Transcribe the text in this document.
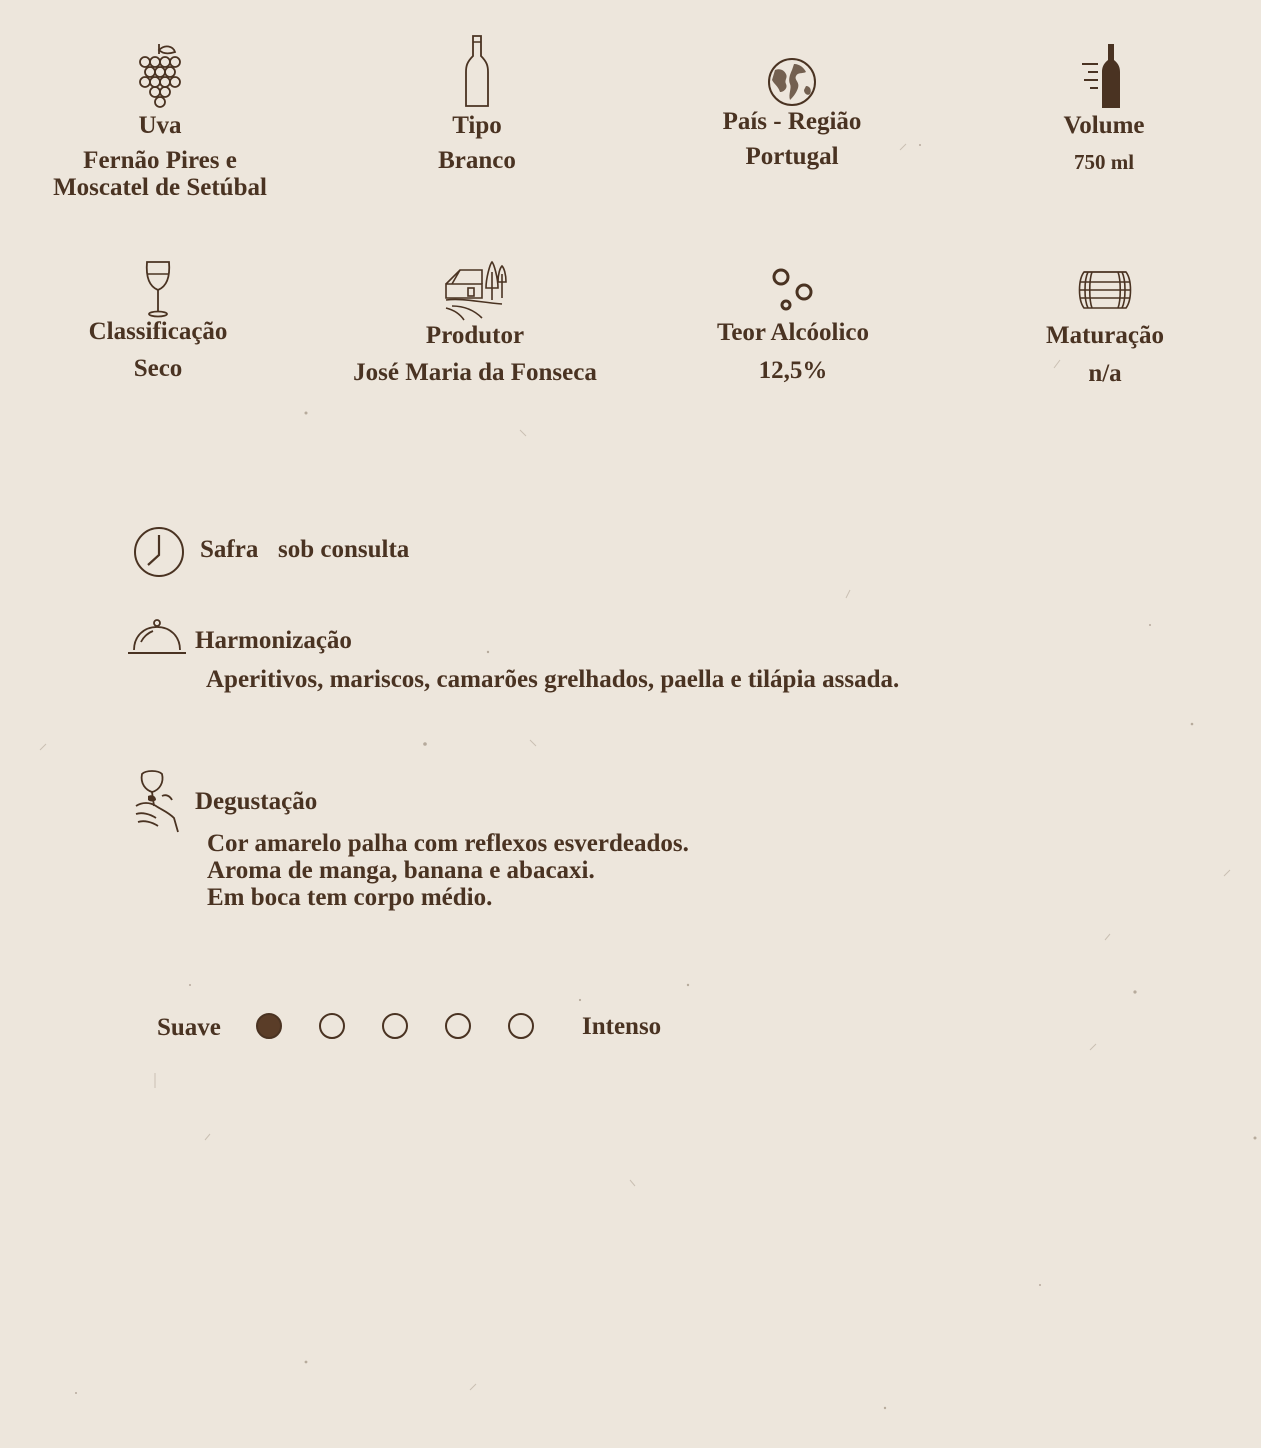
Uva
Fernão Pires e
Moscatel de Setúbal
Tipo
Branco
País - Região
Portugal
Volume
750 ml
Classificação
Seco
Produtor
José Maria da Fonseca
Teor Alcóolico
12,5%
Maturação
n/a
Safra sob consulta
Harmonização
Aperitivos, mariscos, camarões grelhados, paella e tilápia assada.
Degustação
Cor amarelo palha com reflexos esverdeados.
Aroma de manga, banana e abacaxi.
Em boca tem corpo médio.
Suave	Intenso
